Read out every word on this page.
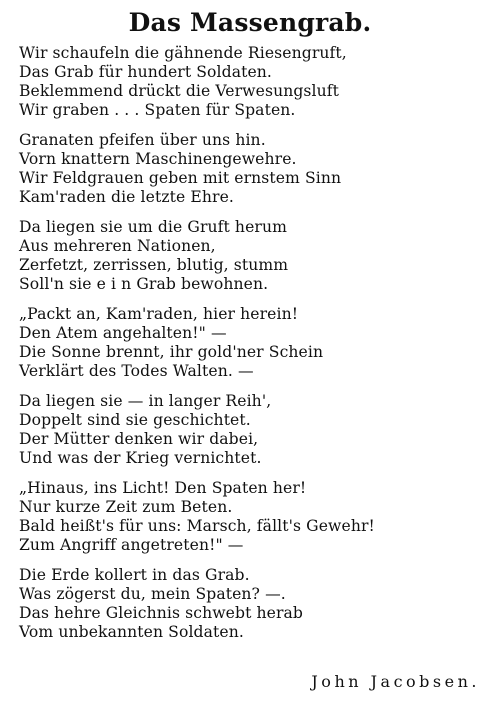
Das Massengrab.
Wir schaufeln die gähnende Riesengruft,
Das Grab für hundert Soldaten.
Beklemmend drückt die Verwesungsluft
Wir graben . . . Spaten für Spaten.
Granaten pfeifen über uns hin.
Vorn knattern Maschinengewehre.
Wir Feldgrauen geben mit ernstem Sinn
Kam'raden die letzte Ehre.
Da liegen sie um die Gruft herum
Aus mehreren Nationen,
Zerfetzt, zerrissen, blutig, stumm
Soll'n sie e i n Grab bewohnen.
„Packt an, Kam'raden, hier herein!
Den Atem angehalten!" —
Die Sonne brennt, ihr gold'ner Schein
Verklärt des Todes Walten. —
Da liegen sie — in langer Reih',
Doppelt sind sie geschichtet.
Der Mütter denken wir dabei,
Und was der Krieg vernichtet.
„Hinaus, ins Licht! Den Spaten her!
Nur kurze Zeit zum Beten.
Bald heißt's für uns: Marsch, fällt's Gewehr!
Zum Angriff angetreten!" —
Die Erde kollert in das Grab.
Was zögerst du, mein Spaten? —.
Das hehre Gleichnis schwebt herab
Vom unbekannten Soldaten.
John Jacobsen.
